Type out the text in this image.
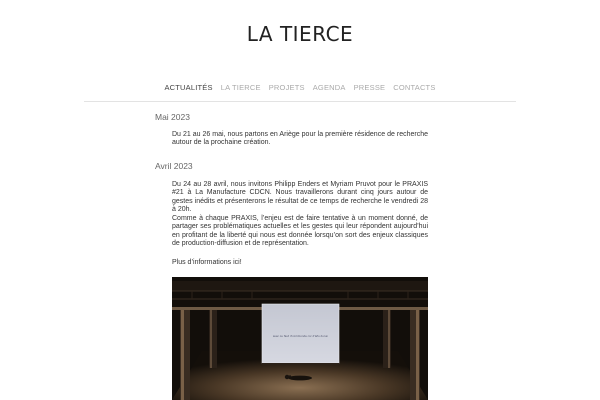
LA TIERCE
ACTUALITÉS LA TIERCE PROJETS AGENDA PRESSE CONTACTS
Mai 2023

Du 21 au 26 mai, nous partons en Ariège pour la première résidence de recherche autour de la prochaine création.

Avril 2023

Du 24 au 28 avril, nous invitons Philipp Enders et Myriam Pruvot pour le PRAXIS #21 à La Manufacture CDCN. Nous travaillerons durant cinq jours autour de gestes inédits et présenterons le résultat de ce temps de recherche le vendredi 28 à 20h.

Comme à chaque PRAXIS, l’enjeu est de faire tentative à un moment donné, de partager ses problématiques actuelles et les gestes qui leur répondent aujourd’hui en profitant de la liberté qui nous est donnée lorsqu’on sort des enjeux classiques de production-diffusion et de représentation.

Plus d’informations ici!

avec ou faut d'commonde cor d'lefu durun
